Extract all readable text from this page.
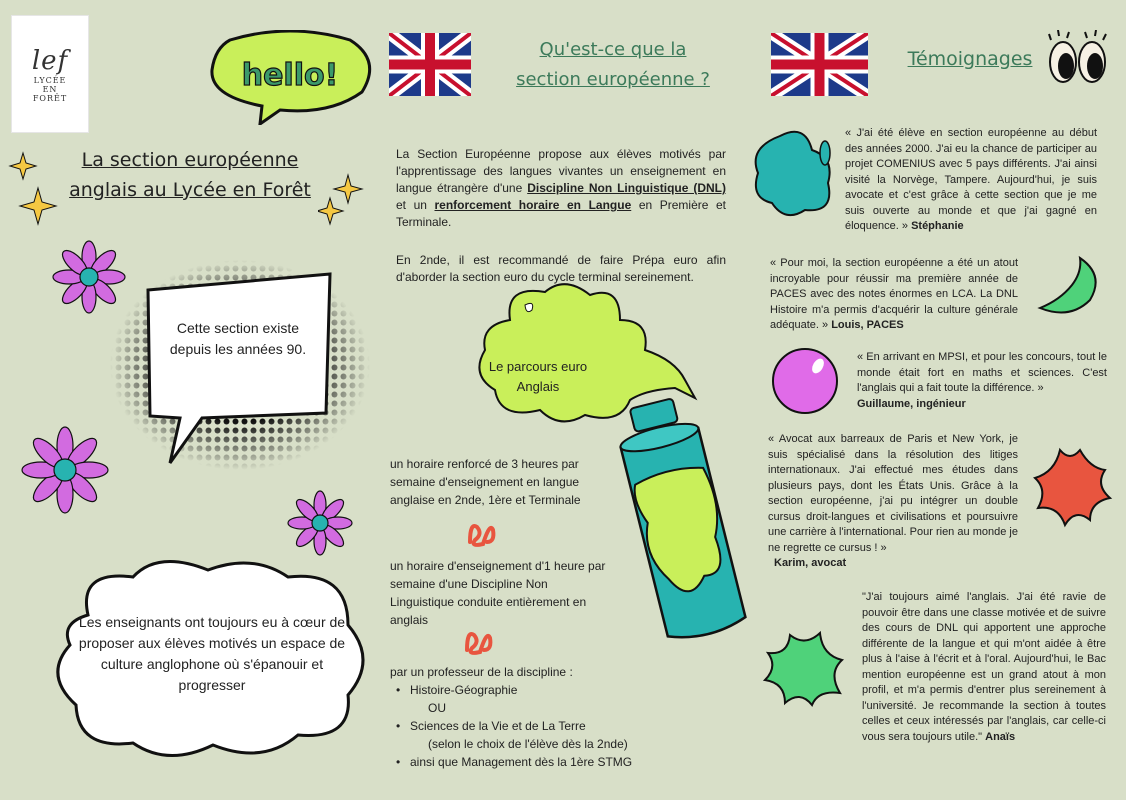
lef
LYCÉE
EN
FORÊT
hello!
La section européenne
anglais au Lycée en Forêt
Cette section existe depuis les années 90.
Les enseignants ont toujours eu à cœur de proposer aux élèves motivés un espace de culture anglophone où s'épanouir et progresser
Qu'est-ce que la
section européenne ?
La Section Européenne propose aux élèves motivés par l'apprentissage des langues vivantes un enseignement en langue étrangère d'une Discipline Non Linguistique (DNL) et un renforcement horaire en Langue en Première et Terminale.
En 2nde, il est recommandé de faire Prépa euro afin d'aborder la section euro du cycle terminal sereinement.
Le parcours euro Anglais
un horaire renforcé de 3 heures par semaine d'enseignement en langue anglaise en 2nde, 1ère et Terminale
un horaire d'enseignement d'1 heure par semaine d'une Discipline Non Linguistique conduite entièrement en anglais
par un professeur de la discipline :
• Histoire-Géographie
OU
• Sciences de la Vie et de La Terre
(selon le choix de l'élève dès la 2nde)
• ainsi que Management dès la 1ère STMG
Témoignages
« J'ai été élève en section européenne au début des années 2000. J'ai eu la chance de participer au projet COMENIUS avec 5 pays différents. J'ai ainsi visité la Norvège, Tampere. Aujourd'hui, je suis avocate et c'est grâce à cette section que je me suis ouverte au monde et que j'ai gagné en éloquence. » Stéphanie
« Pour moi, la section européenne a été un atout incroyable pour réussir ma première année de PACES avec des notes énormes en LCA. La DNL Histoire m'a permis d'acquérir la culture générale adéquate. » Louis, PACES
« En arrivant en MPSI, et pour les concours, tout le monde était fort en maths et sciences. C'est l'anglais qui a fait toute la différence. »
Guillaume, ingénieur
« Avocat aux barreaux de Paris et New York, je suis spécialisé dans la résolution des litiges internationaux. J'ai effectué mes études dans plusieurs pays, dont les États Unis. Grâce à la section européenne, j'ai pu intégrer un double cursus droit-langues et civilisations et poursuivre une carrière à l'international. Pour rien au monde je ne regrette ce cursus ! »
Karim, avocat
"J'ai toujours aimé l'anglais. J'ai été ravie de pouvoir être dans une classe motivée et de suivre des cours de DNL qui apportent une approche différente de la langue et qui m'ont aidée à être plus à l'aise à l'écrit et à l'oral. Aujourd'hui, le Bac mention européenne est un grand atout à mon profil, et m'a permis d'entrer plus sereinement à l'université. Je recommande la section à toutes celles et ceux intéressés par l'anglais, car celle-ci vous sera toujours utile." Anaïs
